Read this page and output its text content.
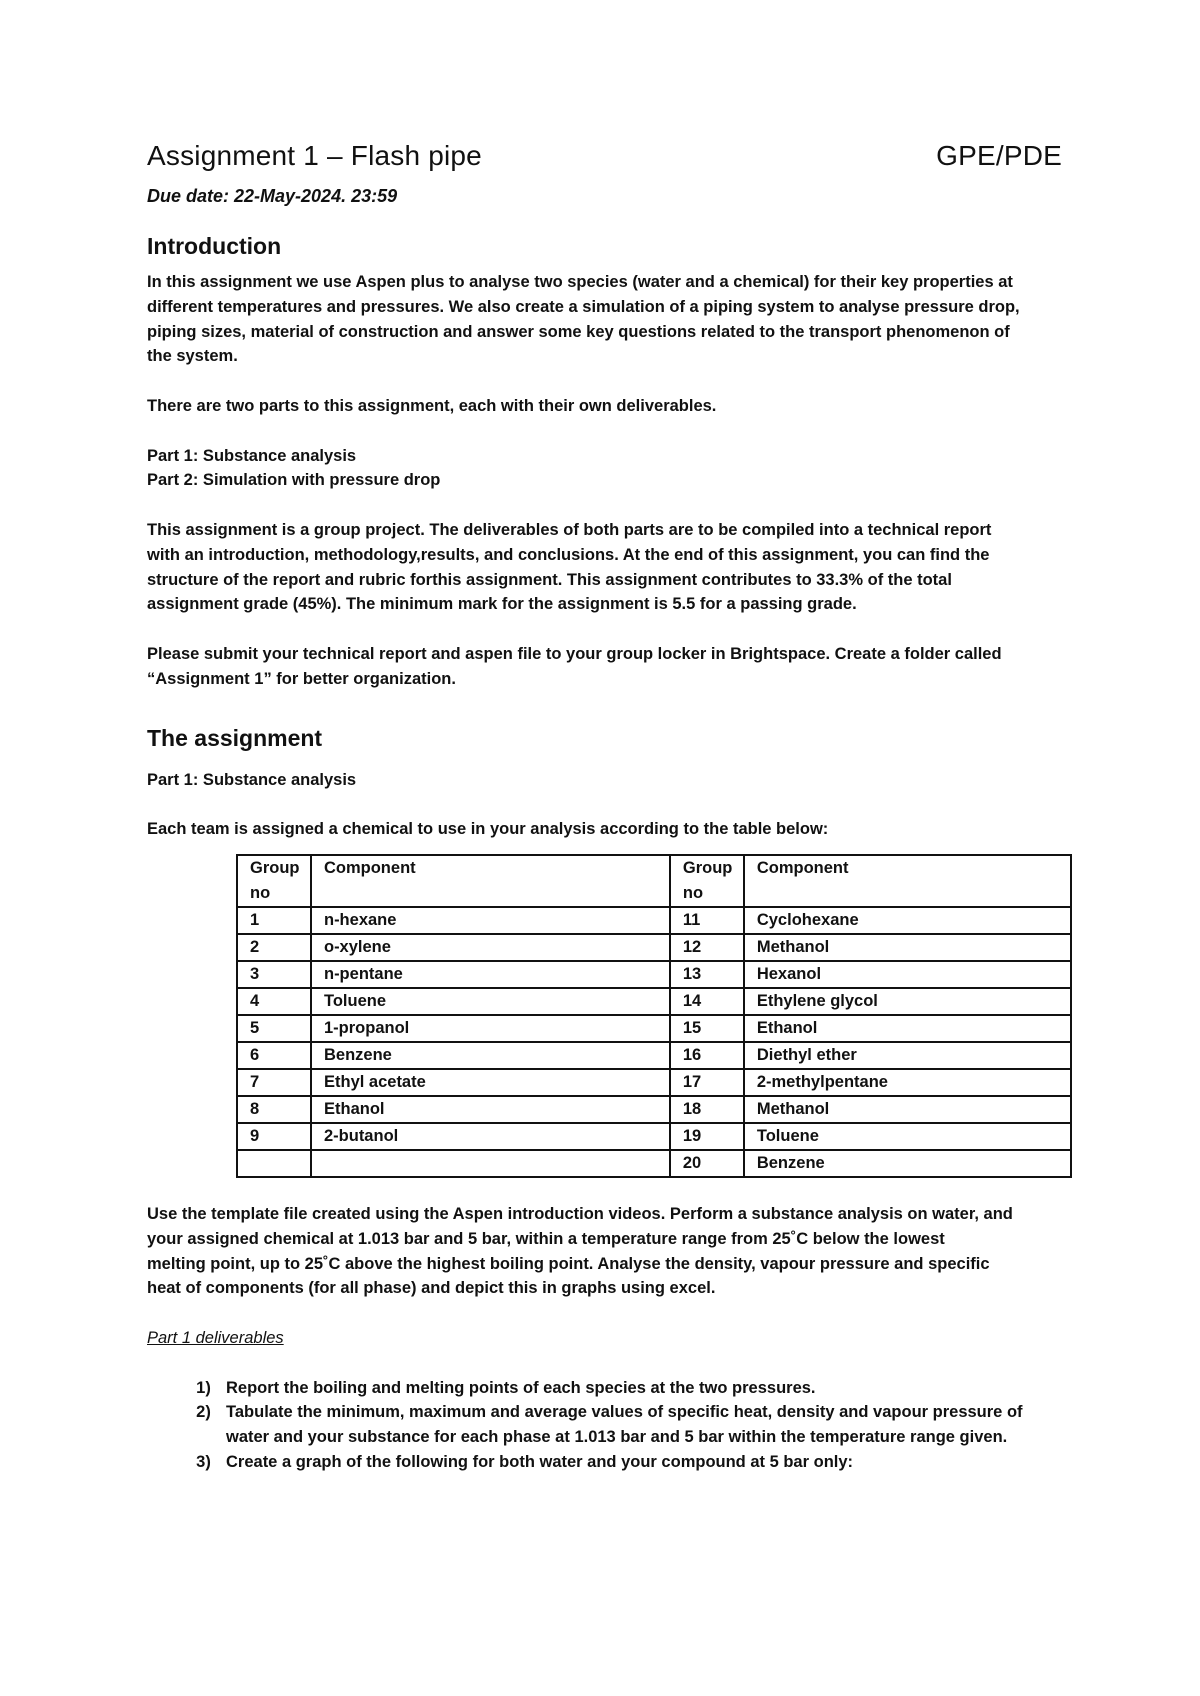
Assignment 1 – Flash pipe	GPE/PDE
Due date: 22-May-2024. 23:59
Introduction

In this assignment we use Aspen plus to analyse two species (water and a chemical) for their key properties at
different temperatures and pressures. We also create a simulation of a piping system to analyse pressure drop,
piping sizes, material of construction and answer some key questions related to the transport phenomenon of
the system.

There are two parts to this assignment, each with their own deliverables.

Part 1: Substance analysis
Part 2: Simulation with pressure drop

This assignment is a group project. The deliverables of both parts are to be compiled into a technical report
with an introduction, methodology,results, and conclusions. At the end of this assignment, you can find the
structure of the report and rubric forthis assignment. This assignment contributes to 33.3% of the total
assignment grade (45%). The minimum mark for the assignment is 5.5 for a passing grade.

Please submit your technical report and aspen file to your group locker in Brightspace. Create a folder called
“Assignment 1” for better organization.

The assignment

Part 1: Substance analysis

Each team is assigned a chemical to use in your analysis according to the table below:

Group no	Component	Group no	Component
1	n-hexane	11	Cyclohexane
2	o-xylene	12	Methanol
3	n-pentane	13	Hexanol
4	Toluene	14	Ethylene glycol
5	1-propanol	15	Ethanol
6	Benzene	16	Diethyl ether
7	Ethyl acetate	17	2-methylpentane
8	Ethanol	18	Methanol
9	2-butanol	19	Toluene
		20	Benzene

Use the template file created using the Aspen introduction videos. Perform a substance analysis on water, and
your assigned chemical at 1.013 bar and 5 bar, within a temperature range from 25˚C below the lowest
melting point, up to 25˚C above the highest boiling point. Analyse the density, vapour pressure and specific
heat of components (for all phase) and depict this in graphs using excel.

Part 1 deliverables

1. Report the boiling and melting points of each species at the two pressures.
2. Tabulate the minimum, maximum and average values of specific heat, density and vapour pressure of water and your substance for each phase at 1.013 bar and 5 bar within the temperature range given.
3. Create a graph of the following for both water and your compound at 5 bar only:
